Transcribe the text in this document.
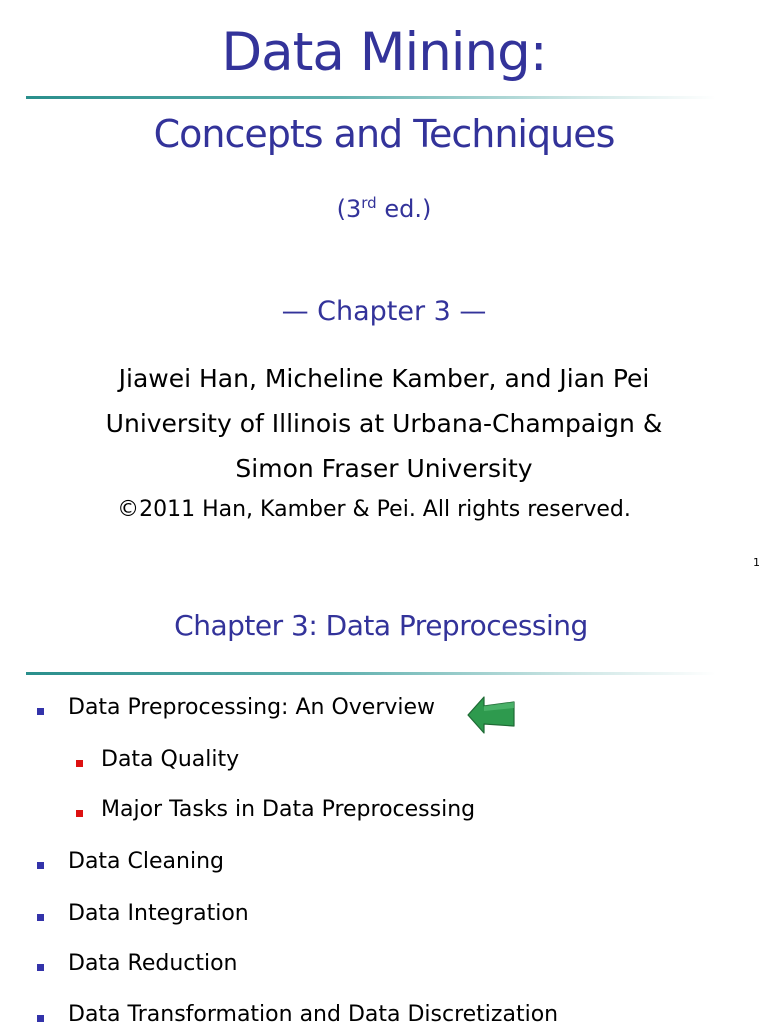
Data Mining:
Concepts and Techniques
(3rd ed.)
— Chapter 3 —
Jiawei Han, Micheline Kamber, and Jian Pei
University of Illinois at Urbana-Champaign &
Simon Fraser University
©2011 Han, Kamber & Pei. All rights reserved.
1
Chapter 3: Data Preprocessing
Data Preprocessing: An Overview
Data Quality
Major Tasks in Data Preprocessing
Data Cleaning
Data Integration
Data Reduction
Data Transformation and Data Discretization
